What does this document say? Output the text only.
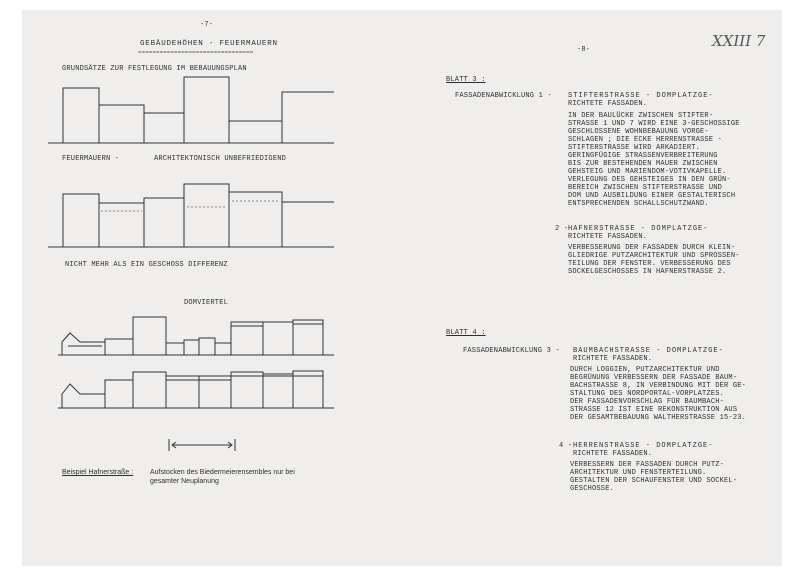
-7-
-8-	XXIII 7
GEBÄUDEHÖHEN - FEUERMAUERN
================================
GRUNDSÄTZE ZUR FESTLEGUNG IM BEBAUUNGSPLAN
FEUERMAUERN -	ARCHITEKTONISCH UNBEFRIEDIGEND
NICHT MEHR ALS EIN GESCHOSS DIFFERENZ
DOMVIERTEL
Beispiel Hafnerstraße : Aufstocken des Biedermeierensembles nur bei
gesamter Neuplanung
BLATT 3 :
FASSADENABWICKLUNG 1 - STIFTERSTRASSE - DOMPLATZGE-
RICHTETE FASSADEN.
IN DER BAULÜCKE ZWISCHEN STIFTER-
STRASSE 1 UND 7 WIRD EINE 3-GESCHOSSIGE
GESCHLOSSENE WOHNBEBAUUNG VORGE-
SCHLAGEN ; DIE ECKE HERRENSTRASSE -
STIFTERSTRASSE WIRD ARKADIERT.
GERINGFÜGIGE STRASSENVERBREITERUNG
BIS ZUR BESTEHENDEN MAUER ZWISCHEN
GEHSTEIG UND MARIENDOM-VOTIVKAPELLE.
VERLEGUNG DES GEHSTEIGES IN DEN GRÜN-
BEREICH ZWISCHEN STIFTERSTRASSE UND
DOM UND AUSBILDUNG EINER GESTALTERISCH
ENTSPRECHENDEN SCHALLSCHUTZWAND.
2 - HAFNERSTRASSE - DOMPLATZGE-
RICHTETE FASSADEN.
VERBESSERUNG DER FASSADEN DURCH KLEIN-
GLIEDRIGE PUTZARCHITEKTUR UND SPROSSEN-
TEILUNG DER FENSTER. VERBESSERUNG DES
SOCKELGESCHOSSES IN HAFNERSTRASSE 2.
BLATT 4 :
FASSADENABWICKLUNG 3 - BAUMBACHSTRASSE - DOMPLATZGE-
RICHTETE FASSADEN.
DURCH LOGGIEN, PUTZARCHITEKTUR UND
BEGRÜNUNG VERBESSERN DER FASSADE BAUM-
BACHSTRASSE 8, IN VERBINDUNG MIT DER GE-
STALTUNG DES NORDPORTAL-VORPLATZES.
DER FASSADENVORSCHLAG FÜR BAUMBACH-
STRASSE 12 IST EINE REKONSTRUKTION AUS
DER GESAMTBEBAUUNG WALTHERSTRASSE 15-23.
4 - HERRENSTRASSE - DOMPLATZGE-
RICHTETE FASSADEN.
VERBESSERN DER FASSADEN DURCH PUTZ-
ARCHITEKTUR UND FENSTERTEILUNG.
GESTALTEN DER SCHAUFENSTER UND SOCKEL-
GESCHOSSE.
